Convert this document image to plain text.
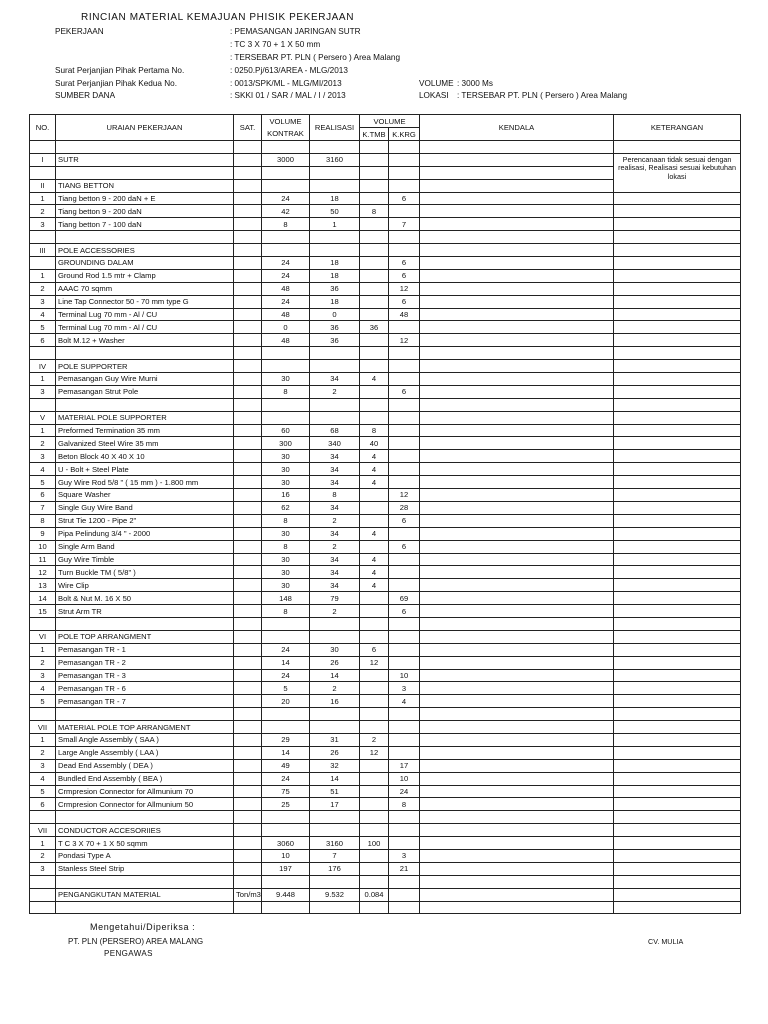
RINCIAN MATERIAL KEMAJUAN PHISIK PEKERJAAN
PEKERJAAN	: PEMASANGAN JARINGAN SUTR
: TC 3 X 70 + 1 X 50 mm
: TERSEBAR PT. PLN ( Persero ) Area Malang
Surat Perjanjian Pihak Pertama No.	: 0250.Pj/613/AREA - MLG/2013
Surat Perjanjian Pihak Kedua No.	: 0013/SPK/ML - MLG/MI/2013	VOLUME : 3000 Ms
SUMBER DANA	: SKKI 01 / SAR / MAL / I / 2013	LOKASI : TERSEBAR PT. PLN ( Persero ) Area Malang
NO.	URAIAN PEKERJAAN	SAT.	VOLUME	REALISASI	VOLUME		KENDALA	KETERANGAN
			KONTRAK		K.TMB	K.KRG		

I	SUTR		3000	3160				Perencanaan tidak sesuai dengan realisasi, Realisasi sesuai kebutuhan lokasi

II	TIANG BETTON							
1	Tiang betton 9 - 200 daN + E		24	18		6		
2	Tiang betton 9 - 200 daN		42	50	8			
3	Tiang betton 7 - 100 daN		8	1		7		

III	POLE ACCESSORIES							
	GROUNDING DALAM		24	18		6		
1	Ground Rod 1.5 mtr + Clamp		24	18		6		
2	AAAC 70 sqmm		48	36		12		
3	Line Tap Connector 50 - 70 mm type G		24	18		6		
4	Terminal Lug 70 mm - Al / CU		48	0		48		
5	Terminal Lug 70 mm - Al / CU		0	36	36			
6	Bolt M.12 + Washer		48	36		12		

IV	POLE SUPPORTER							
1	Pemasangan Guy Wire Murni		30	34	4			
3	Pemasangan Strut Pole		8	2		6		

V	MATERIAL POLE SUPPORTER							
1	Preformed Termination 35 mm		60	68	8			
2	Galvanized Steel Wire 35 mm		300	340	40			
3	Beton Block 40 X 40 X 10		30	34	4			
4	U - Bolt + Steel Plate		30	34	4			
5	Guy Wire Rod 5/8 " ( 15 mm ) - 1.800 mm		30	34	4			
6	Square Washer		16	8		12		
7	Single Guy Wire Band		62	34		28		
8	Strut Tie 1200 - Pipe 2"		8	2		6		
9	Pipa Pelindung 3/4 " - 2000		30	34	4			
10	Single Arm Band		8	2		6		
11	Guy Wire Timble		30	34	4			
12	Turn Buckle TM ( 5/8" )		30	34	4			
13	Wire Clip		30	34	4			
14	Bolt & Nut M. 16 X 50		148	79		69		
15	Strut Arm TR		8	2		6		

VI	POLE TOP ARRANGMENT							
1	Pemasangan TR - 1		24	30	6			
2	Pemasangan TR - 2		14	26	12			
3	Pemasangan TR - 3		24	14		10		
4	Pemasangan TR - 6		5	2		3		
5	Pemasangan TR - 7		20	16		4		

VII	MATERIAL POLE TOP ARRANGMENT							
1	Small Angle Assembly ( SAA )		29	31	2			
2	Large Angle Assembly ( LAA )		14	26	12			
3	Dead End Assembly ( DEA )		49	32		17		
4	Bundled End Assembly ( BEA )		24	14		10		
5	Crmpresion Connector for Allmunium 70		75	51		24		
6	Crmpresion Connector for Allmunium 50		25	17		8		

VII	CONDUCTOR ACCESORIIES							
1	T C 3 X 70 + 1 X 50 sqmm		3060	3160	100			
2	Pondasi Type A		10	7		3		
3	Stanless Steel Strip		197	176		21		

	PENGANGKUTAN MATERIAL	Ton/m3	9.448	9.532	0.084			

Mengetahui/Diperiksa :
PT. PLN (PERSERO) AREA MALANG
PENGAWAS
CV. MULIA
